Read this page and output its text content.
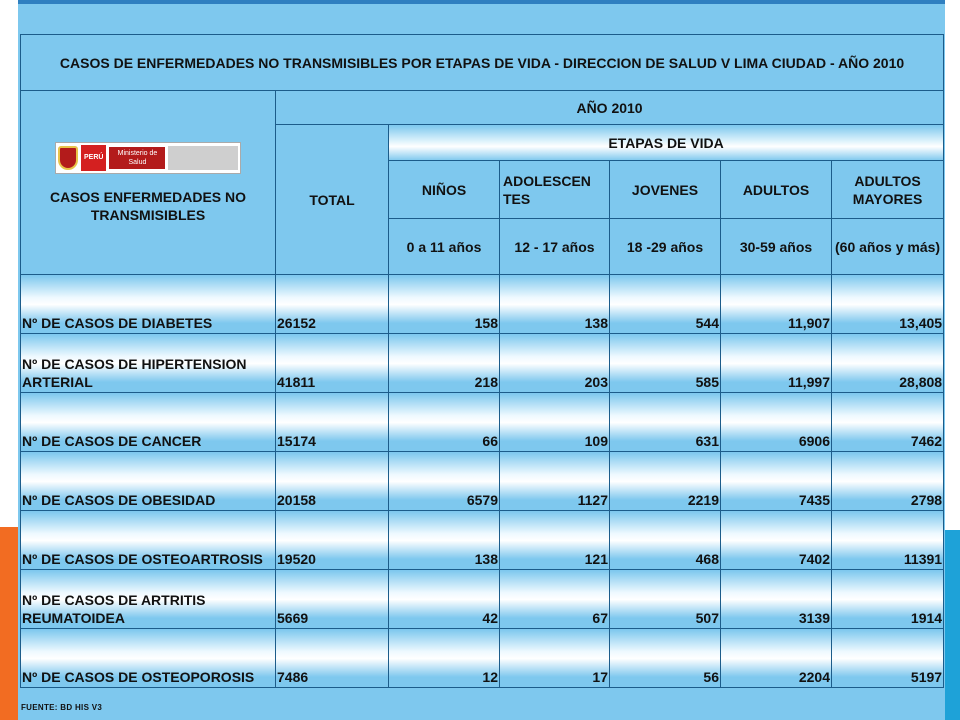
CASOS DE ENFERMEDADES NO TRANSMISIBLES POR ETAPAS DE VIDA - DIRECCION DE SALUD V LIMA CIUDAD - AÑO 2010						

PERÚ
Ministerio de Salud
CASOS ENFERMEDADES NO TRANSMISIBLES	AÑO 2010					
	TOTAL	ETAPAS DE VIDA				
		NIÑOS	ADOLESCEN TES	JOVENES	ADULTOS	ADULTOS MAYORES
		0 a 11 años	12 - 17 años	18 -29 años	30-59 años	(60 años y más)
Nº DE CASOS DE DIABETES	26152	158	138	544	11,907	13,405
Nº DE CASOS DE HIPERTENSION ARTERIAL	41811	218	203	585	11,997	28,808
Nº DE CASOS DE CANCER	15174	66	109	631	6906	7462
Nº DE CASOS DE OBESIDAD	20158	6579	1127	2219	7435	2798
Nº DE CASOS DE OSTEOARTROSIS	19520	138	121	468	7402	11391
Nº DE CASOS DE ARTRITIS REUMATOIDEA	5669	42	67	507	3139	1914
Nº DE CASOS DE OSTEOPOROSIS	7486	12	17	56	2204	5197
FUENTE: BD HIS V3
